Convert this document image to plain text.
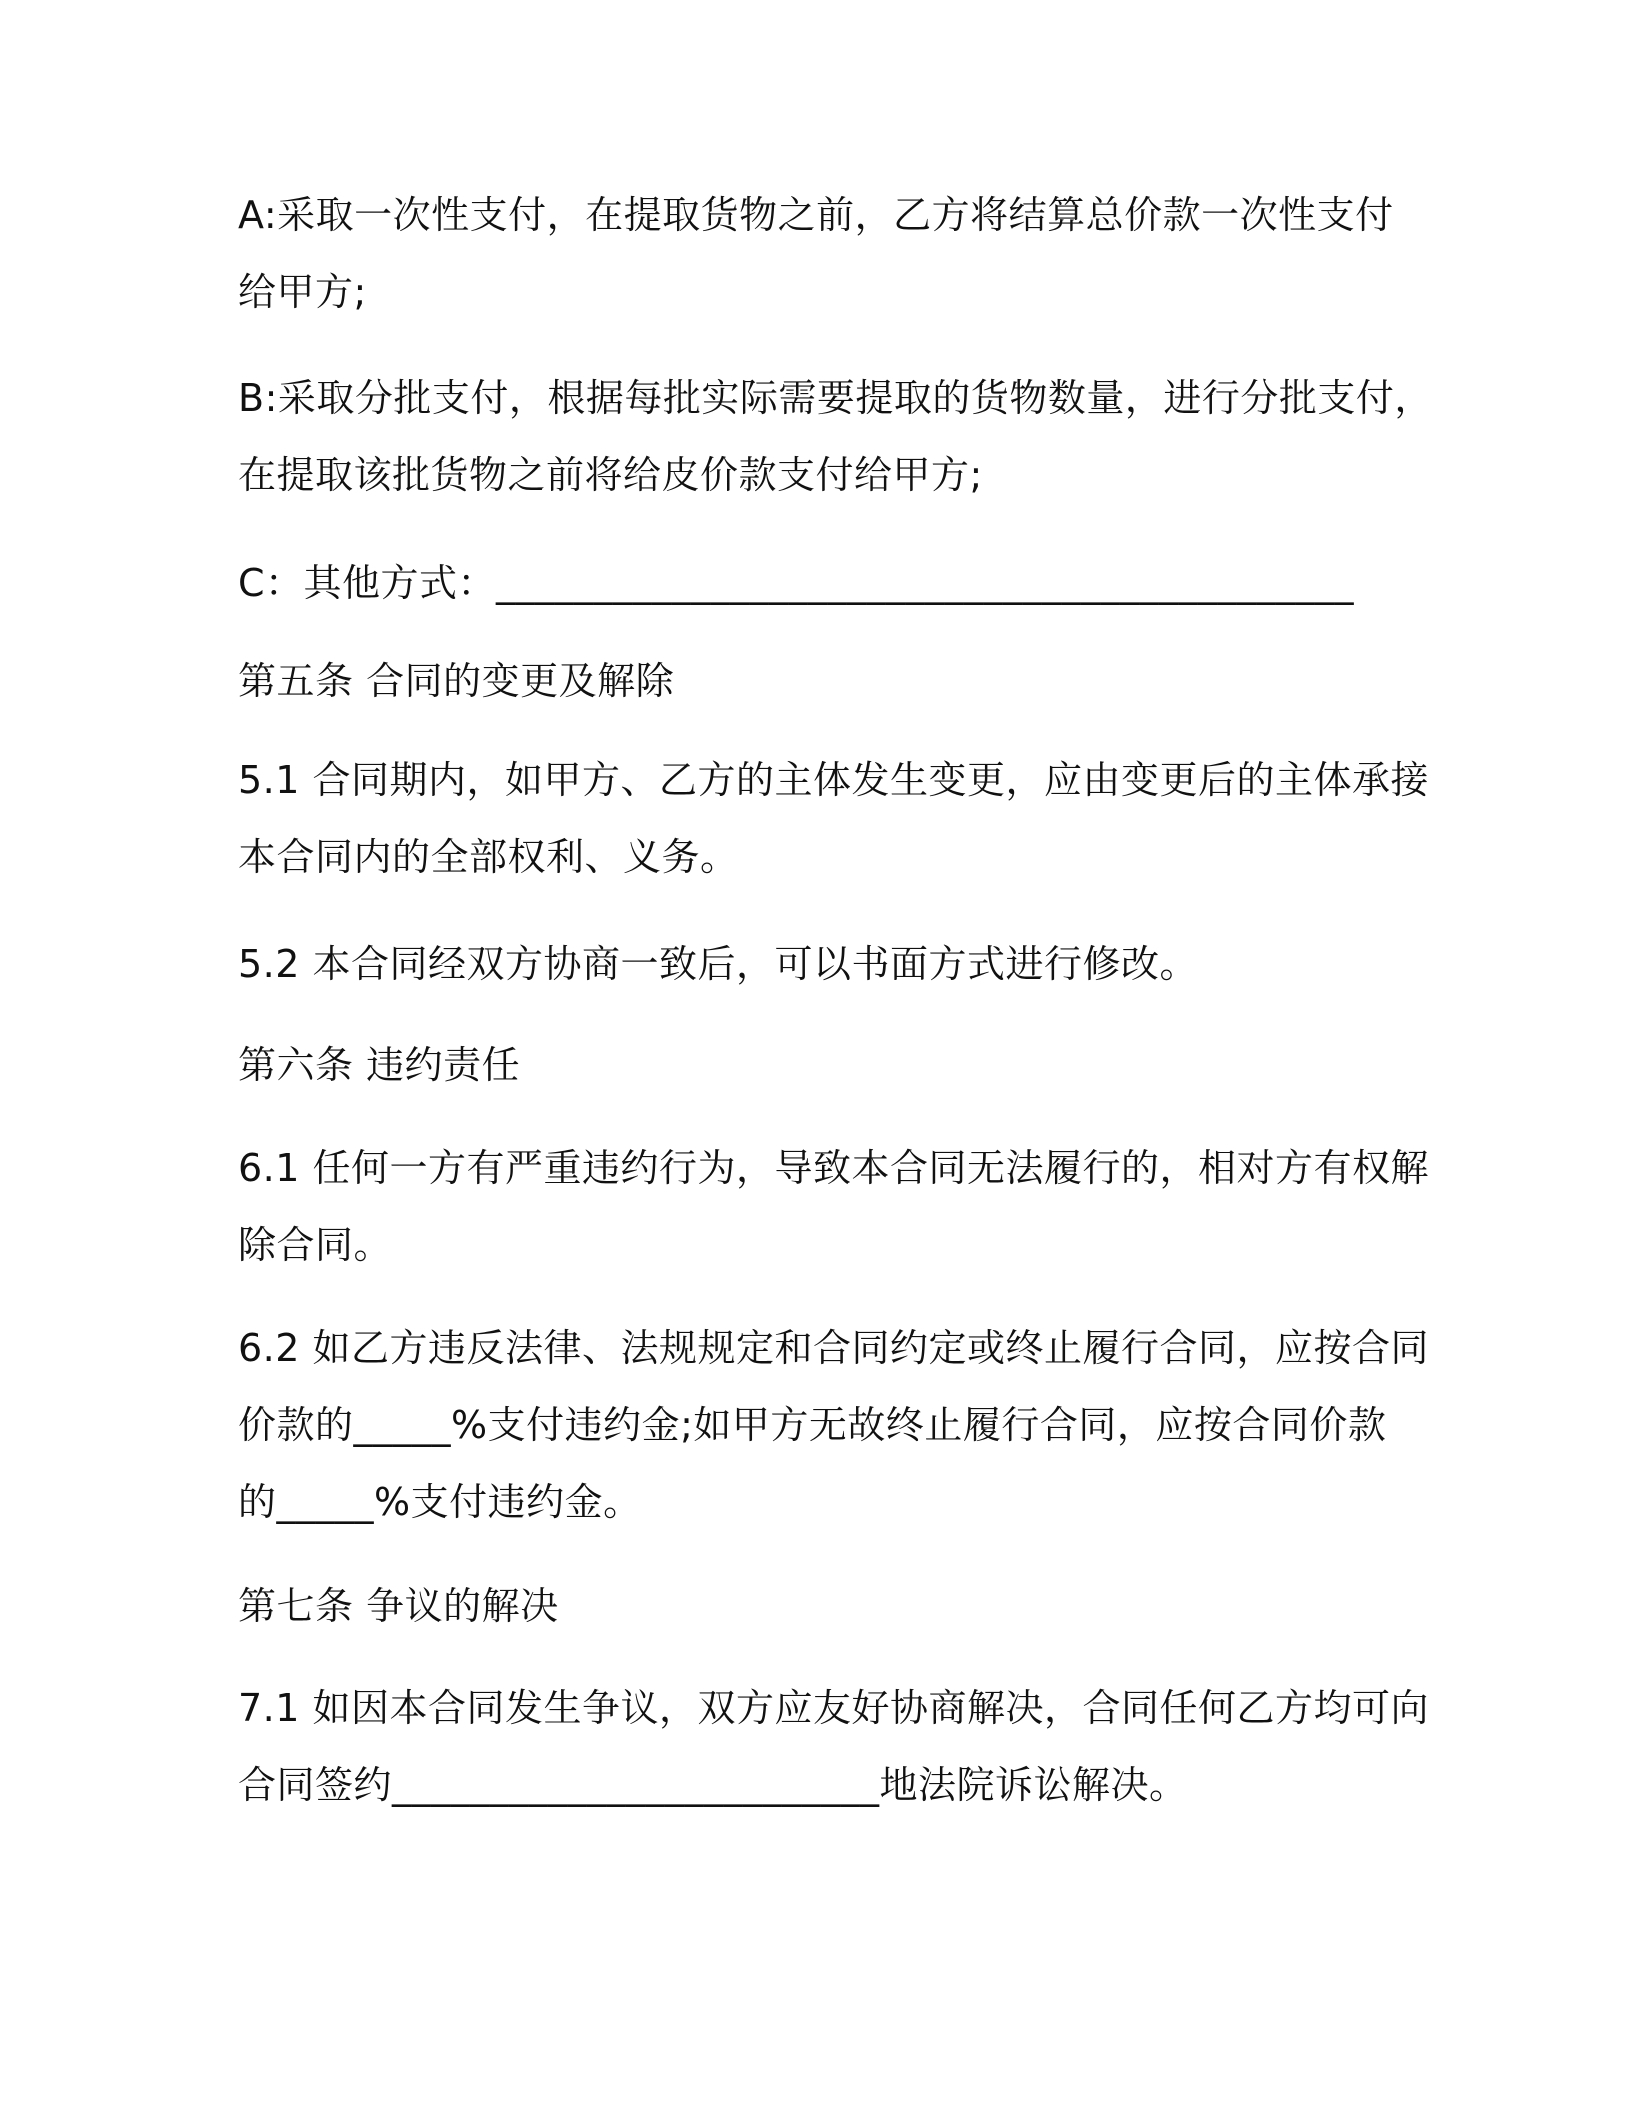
A:采取一次性支付，在提取货物之前，乙方将结算总价款一次性支付
给甲方;

B:采取分批支付，根据每批实际需要提取的货物数量，进行分批支付，
在提取该批货物之前将给皮价款支付给甲方;

C：其他方式：____________________________________________

第五条 合同的变更及解除

5.1 合同期内，如甲方、乙方的主体发生变更，应由变更后的主体承接
本合同内的全部权利、义务。

5.2 本合同经双方协商一致后，可以书面方式进行修改。

第六条 违约责任

6.1 任何一方有严重违约行为，导致本合同无法履行的，相对方有权解
除合同。

6.2 如乙方违反法律、法规规定和合同约定或终止履行合同，应按合同
价款的_____%支付违约金;如甲方无故终止履行合同，应按合同价款
的_____%支付违约金。

第七条 争议的解决

7.1 如因本合同发生争议，双方应友好协商解决，合同任何乙方均可向
合同签约_________________________地法院诉讼解决。
